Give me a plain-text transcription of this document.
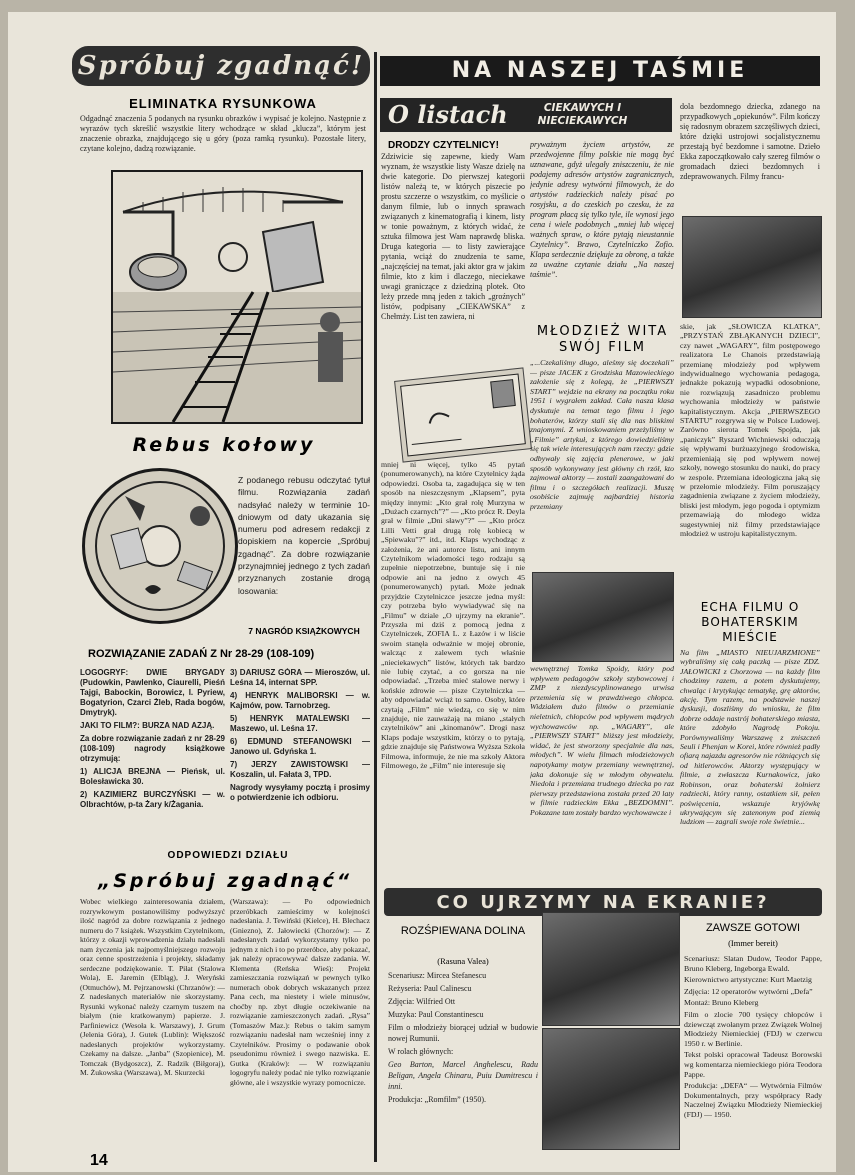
Spróbuj zgadnąć!
ELIMINATKA RYSUNKOWA
Odgadnąć znaczenia 5 podanych na rysunku obrazków i wypisać je kolejno. Następnie z wyrazów tych skreślić wszystkie litery wchodzące w skład „klucza”, którym jest znaczenie obrazka, znajdującego się u góry (poza ramką rysunku). Pozostałe litery, czytane kolejno, dadzą rozwiązanie.
Rebus kołowy
Z podanego rebusu odczytać tytuł filmu. Rozwiązania zadań nadsyłać należy w terminie 10-dniowym od daty ukazania się numeru pod adresem redakcji z dopiskiem na kopercie „Spróbuj zgadnąć”. Za dobre rozwiązanie przynajmniej jednego z tych zadań przyznanych zostanie drogą losowania:
7 NAGRÓD KSIĄŻKOWYCH
ROZWIĄZANIE ZADAŃ Z Nr 28-29 (108-109)
LOGOGRYF: DWIE BRYGADY (Pudowkin, Pawlenko, Ciaurelli, Pieśń Tajgi, Babockin, Borowicz, I. Pyriew, Bogatyrion, Czarci Żleb, Rada bogów, Dmytryk).
JAKI TO FILM?: BURZA NAD AZJĄ.
Za dobre rozwiązanie zadań z nr 28-29 (108-109) nagrody książkowe otrzymują:
1) ALICJA BREJNA — Pieńsk, ul. Bolesławicka 30.
2) KAZIMIERZ BURCZYŃSKI — w. Olbrachtów, p-ta Żary k/Żagania.
3) DARIUSZ GÓRA — Mieroszów, ul. Leśna 14, internat SPP.
4) HENRYK MALIBORSKI — w. Kajmów, pow. Tarnobrzeg.
5) HENRYK MATALEWSKI — Maszewo, ul. Leśna 17.
6) EDMUND STEFANOWSKI — Janowo ul. Gdyńska 1.
7) JERZY ZAWISTOWSKI — Koszalin, ul. Fałata 3, TPD.
Nagrody wysyłamy pocztą i prosimy o potwierdzenie ich odbioru.
ODPOWIEDZI DZIAŁU
„Spróbuj zgadnąć“
Wobec wielkiego zainteresowania działem, rozrywkowym postanowiliśmy podwyższyć ilość nagród za dobre rozwiązania z jednego numeru do 7 książek. Wszystkim Czytelnikom, którzy z okazji wprowadzenia działu nadesłali nam życzenia jak najpomyślniejszego rozwoju oraz cenne spostrzeżenia i projekty, składamy serdeczne podziękowanie. T. Piłat (Stalowa Wola), E. Jaremin (Elbląg), J. Weryński (Otmuchów), M. Pejrzanowski (Chrzanów): — Z nadesłanych materiałów nie skorzystamy. Rysunki wykonać należy czarnym tuszem na białym (nie kratkowanym) papierze. J. Parfiniewicz (Wesoła k. Warszawy), J. Grum (Jelenia Góra), J. Gutek (Lublin): Większość nadesłanych projektów wykorzystamy. Czekamy na dalsze. „Janba” (Szopienice), M. Tomczak (Bydgoszcz), Z. Radzik (Biłgoraj), M. Żukowska (Warszawa), M. Skurzecki
(Warszawa): — Po odpowiednich przeróbkach zamieścimy w kolejności nadesłania. J. Tewiński (Kielce), H. Blechacz (Gniezno), Z. Jałowiecki (Chorzów): — Z nadesłanych zadań wykorzystamy tylko po jednym z nich i to po przeróbce, aby pokazać, jak należy opracowywać dalsze zadania. W. Klementa (Reńska Wieś): Projekt zamieszczania rozwiązań w pewnych tylko numerach obok dobrych wskazanych przez Pana cech, ma niestety i wiele minusów, choćby np. zbyt długie oczekiwanie na rozwiązanie zamieszczonych zadań. „Rysa” (Tomaszów Maz.): Rebus o takim samym rozwiązaniu nadesłał nam wcześniej inny z Czytelników. Prosimy o podawanie obok pseudonimu również i swego nazwiska. E. Gutka (Kraków): — W rozwiązaniu logogryfu należy podać nie tylko rozwiązanie główne, ale i wszystkie wyrazy pomocnicze.
14
NA NASZEJ TAŚMIE
O listach	CIEKAWYCH I NIECIEKAWYCH
DRODZY CZYTELNICY!
Zdziwicie się zapewne, kiedy Wam wyznam, że wszystkie listy Wasze dzielę na dwie kategorie. Do pierwszej kategorii listów należą te, w których piszecie po prostu szczerze o wszystkim, co myślicie o danym filmie, lub o innych sprawach związanych z kinematografią i kinem, listy w tonie poważnym, z których widać, że sztuka filmowa jest Wam naprawdę bliska. Druga kategoria — to listy zawierające pytania, wciąż do znudzenia te same, „najczęściej na temat, jaki aktor gra w jakim filmie, kto z kim i dlaczego, nieciekawe uwagi graniczące z dziedziną plotek. Oto leży przede mną jeden z takich „groźnych” listów, podpisany „CIEKAWSKA” z Chełmży. List ten zawiera, ni
pryważnym życiem artystów, ze przedwojenne filmy polskie nie mogą być uznawane, gdyż ulegały zniszczeniu, że nie podajemy adresów artystów zagranicznych, jedynie adresy wytwórni filmowych, że do artystów radzieckich należy pisać po rosyjsku, a do czeskich po czesku, że za program płacą się tylko tyle, ile wynosi jego cena i wiele podobnych „mniej lub więcej ważnych spraw, o które pytają nieustannie Czytelnicy”. Brawo, Czytelniczko Zofio. Klapa serdecznie dziękuje za obronę, a także za uważne czytanie działu „Na naszej taśmie”.
mniej ni więcej, tylko 45 pytań (ponumerowanych), na które Czytelnicy żąda odpowiedzi. Osoba ta, zagadująca się w ten sposób na nieszczęsnym „Klapsem”, pyta między innymi: „Kto grał rolę Murzyna w „Dużach czarnych”?” — „Kto prócz R. Deyla grał w filmie „Dni sławy”?” — „Kto prócz Lilli Vetti grał drugą rolę kobiecą w „Spiewaku”?” itd., itd. Klaps wychodząc z założenia, że ani autorce listu, ani innym Czytelnikom wiadomości tego rodzaju są zupełnie niepotrzebne, buntuje się i nie odpowie ani na jedno z owych 45 (ponumerowanych) pytań. Może jednak przyjdzie Czytelniczce jeszcze jedna myśl: czy potrzeba było wywiadywać się na „Filmu” w dziale „O ujrzymy na ekranie”. Przyszła mi dziś z pomocą jedna z Czytelniczek, ZOFIA L. z Łazów i w liście swoim stanęła odważnie w mojej obronie, walcząc z zalewem tych właśnie „nieciekawych” listów, których tak bardzo nie lubię czytać, a co gorsza na nie odpowiadać. „Trzeba mieć stalowe nerwy i końskie zdrowie — pisze Czytelniczka — aby odpowiadać wciąż to samo. Osoby, które czytają „Film” nie wiedzą, co się w nim znajduje, nie zauważają na miano „stałych czytelników” ani „kinomanów”. Drogi nasz Klaps podaje wszystkim, którzy o to pytają, gdzie znajduje się Państwowa Wyższa Szkoła Filmowa, informuje, że nie ma szkoły Aktora Filmowego, że „Film” nie interesuje się
dola bezdomnego dziecka, zdanego na przypadkowych „opiekunów”. Film kończy się radosnym obrazem szczęśliwych dzieci, które dzięki ustrojowi socjalistycznemu przestają być bezdomne i samotne. Dzieło Ekka zapoczątkowało cały szereg filmów o gromadach dzieci bezdomnych i zdeprawowanych. Filmy francu-
MŁODZIEŻ WITA SWÓJ FILM
„...Czekaliśmy długo, aleśmy się doczekali” — pisze JACEK z Grodziska Mazowieckiego założenie się z kolegą, że „PIERWSZY START” wejdzie na ekrany na początku roku 1951 i wygrałem zakład. Cała nasza klasa dyskutuje na temat tego filmu i jego bohaterów, którzy stali się dla nas bliskimi znajomymi. Z wnioskowaniem przeżyliśmy w „Filmie” artykuł, z którego dowiedzieliśmy się tak wiele interesujących nam rzeczy: gdzie odbywały się zajęcia plenerowe, w jaki sposób wykonywany jest główny ch rzół, kto zajmował aktorzy — zostali zaangażowani do filmu i o szczegółach realizacji. Muszę osobiście zajmuję najbardziej historia przemiany
wewnętrznej Tomka Spoidy, który pod wpływem pedagogów szkoły szybowcowej i ZMP z niezdyscyplinowanego urwisa przemienia się w prawdziwego chłopca. Widziałem dużo filmów o przemianie nieletnich, chłopców pod wpływem mądrych wychowawców np. „WAGARY”, ale „PIERWSZY START” bliższy jest młodzieży, widać, że jest stworzony specjalnie dla nas, młodych”. W wielu filmach młodzieżowych napotykamy motyw przemiany wewnętrznej, jaka dokonuje się w młodym obywatelu. Niedola i przemiana trudnego dziecka po raz pierwszy przedstawiona została przed 20 laty w filmie radzieckim Ekka „BEZDOMNI”. Pokazane tam zostały bardzo wychowawcze i
skie, jak „SŁOWICZA KLATKA”, „PRZYSTAŃ ZBŁĄKANYCH DZIECI”, czy nawet „WAGARY”, film postępowego realizatora Le Chanois przedstawiają przemianę młodzieży pod wpływem indywidualnego wychowania pedagoga, jednakże pokazują wypadki odosobnione, nie rozwiązują zasadniczo problemu wychowania młodzieży w państwie kapitalistycznym. Akcja „PIERWSZEGO STARTU” rozgrywa się w Polsce Ludowej. Zarówno sierota Tomek Spojda, jak „paniczyk” Ryszard Wichniewski oduczają się wpływami burżuazyjnego środowiska, przemieniają się pod wpływem nowej szkoły, nowego stosunku do nauki, do pracy w zespole. Przemiana ideologiczna jaką się w przełomie młodzieży. Film poruszający zagadnienia związane z życiem młodzieży, bliski jest młodym, jego pogoda i optymizm przemawiają do młodego widza sugestywniej niż filmy przedstawiające młodzież w ustroju kapitalistycznym.
ECHA FILMU O BOHATERSKIM MIEŚCIE
Na film „MIASTO NIEUJARZMIONE” wybraliśmy się całą paczką — pisze ZDZ. JAŁOWICKI z Chorzowa — na każdy film chodzimy razem, a potem dyskutujemy, chwaląc i krytykując tematykę, grę aktorów, akcję. Tym razem, na podstawie naszej dyskusji, doszliśmy do wniosku, że film dobrze oddaje nastrój bohaterskiego miasta, które zdobyło Nagrodę Pokoju. Porównywaliśmy Warszawę z zniszczeń Seuli i Phenjan w Korei, które również padły ofiarą najazdu agresorów nie różniących się od hitlerowców. Aktorzy występujący w filmie, a zwłaszcza Kurnakowicz, jako Robinson, oraz bohaterski żołnierz radziecki, który ranny, ostatkiem sił, pełen poświęcenia, wskazuje kryjówkę ukrywającym się zatenonym pod ziemią ludziom — zagrali swoje role świetnie...
CO UJRZYMY NA EKRANIE?
ROZŚPIEWANA DOLINA
(Rasuna Valea)

Scenariusz: Mircea Stefanescu

Reżyseria: Paul Calinescu

Zdjęcia: Wilfried Ott

Muzyka: Paul Constantinescu

Film o młodzieży biorącej udział w budowie nowej Rumunii.

W rolach głównych:

Geo Barton, Marcel Anghelescu, Radu Beligan, Angela Chinaru, Puiu Dumitrescu i inni.

Produkcja: „Romfilm” (1950).

ZAWSZE GOTOWI
(Immer bereit)

Scenariusz: Slatan Dudow, Teodor Pappe, Bruno Kleberg, Ingeborga Ewald.

Kierownictwo artystyczne: Kurt Maetzig

Zdjęcia: 12 operatorów wytwórni „Defa”

Montaż: Bruno Kleberg

Film o zlocie 700 tysięcy chłopców i dziewcząt zwołanym przez Związek Wolnej Młodzieży Niemieckiej (FDJ) w czerwcu 1950 r. w Berlinie.

Tekst polski opracował Tadeusz Borowski wg komentarza niemieckiego pióra Teodora Pappe.

Produkcja: „DEFA“ — Wytwórnia Filmów Dokumentalnych, przy współpracy Rady Naczelnej Związku Młodzieży Niemieckiej (FDJ) — 1950.
